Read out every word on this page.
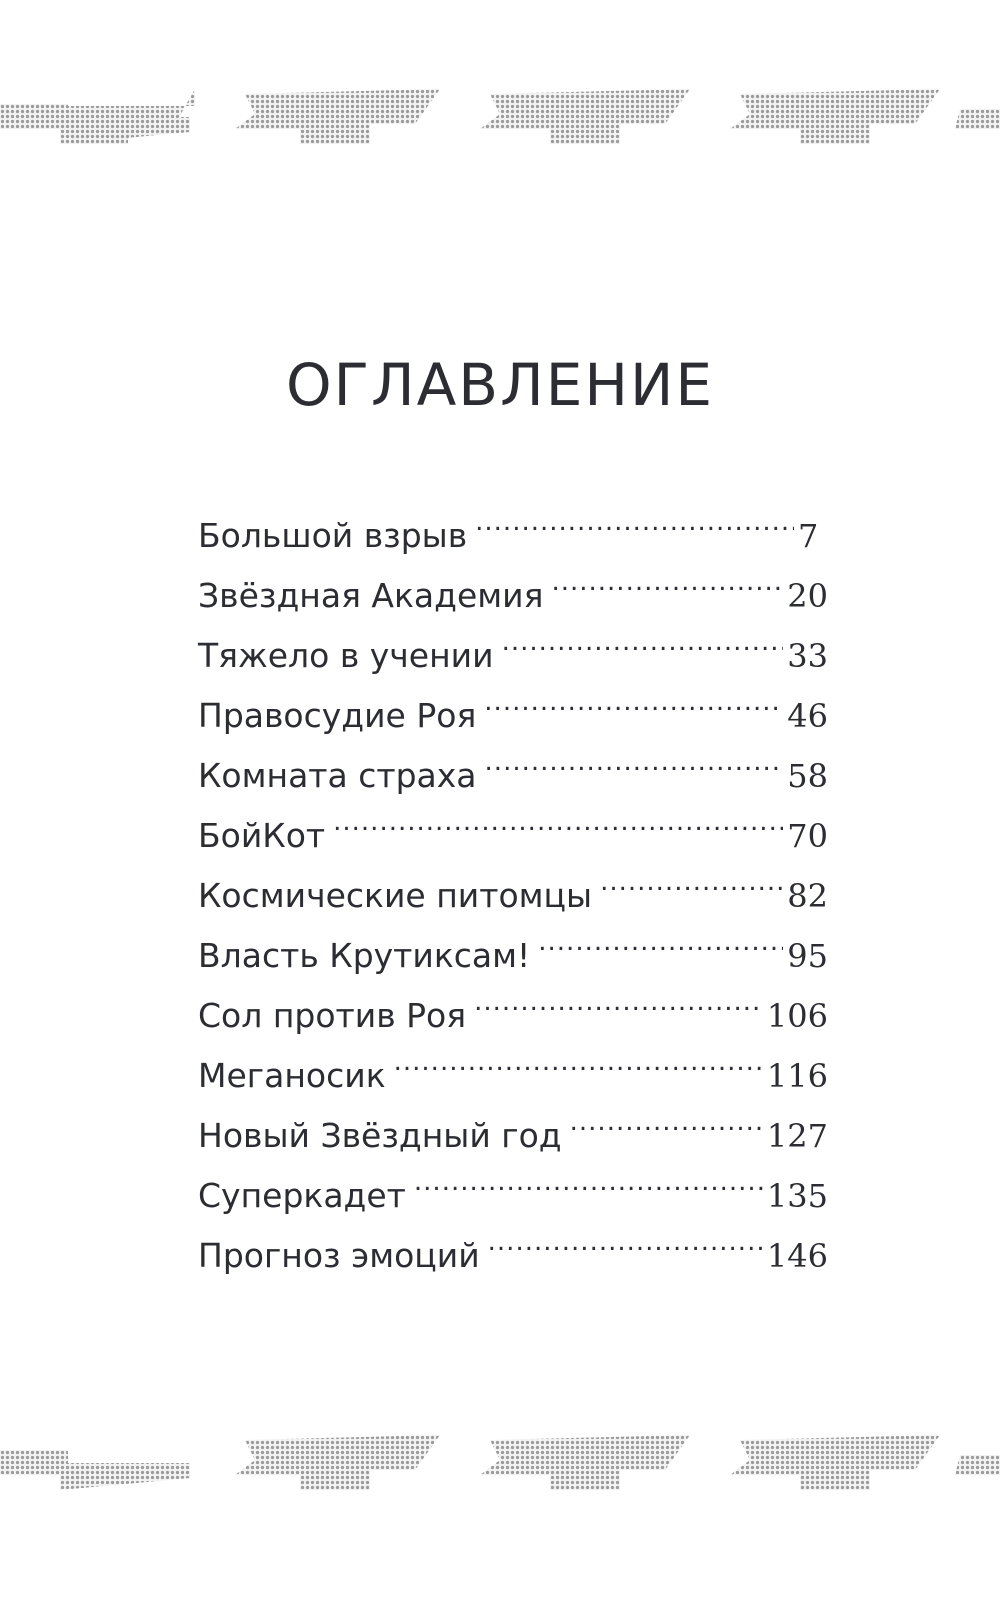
ОГЛАВЛЕНИЕ
Большой взрыв .....	7
Звёздная Академия .....	20
Тяжело в учении .....	33
Правосудие Роя .....	46
Комната страха .....	58
БойКот .....	70
Космические питомцы .....	82
Власть Крутиксам! .....	95
Сол против Роя .....	106
Меганосик .....	116
Новый Звёздный год .....	127
Суперкадет .....	135
Прогноз эмоций .....	146
